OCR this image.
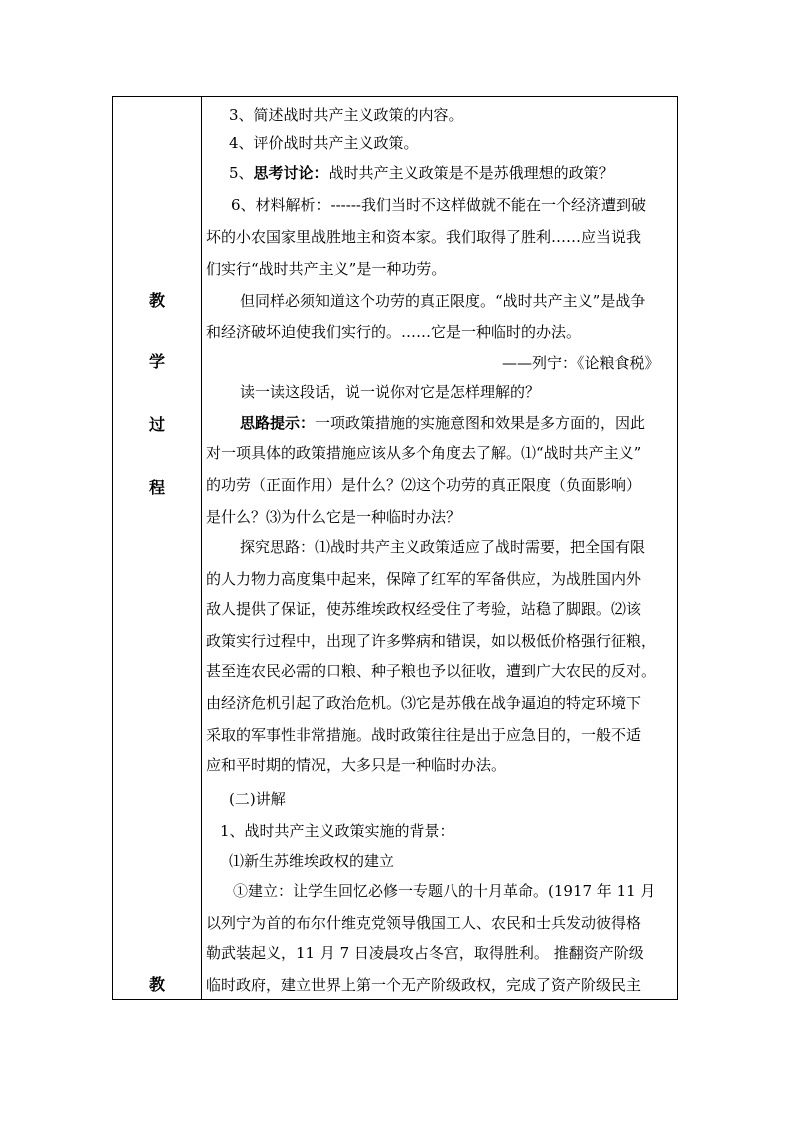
教
学
过
程
教
3、简述战时共产主义政策的内容。
4、评价战时共产主义政策。
5、思考讨论：战时共产主义政策是不是苏俄理想的政策？
6、材料解析：------我们当时不这样做就不能在一个经济遭到破
坏的小农国家里战胜地主和资本家。我们取得了胜利……应当说我
们实行“战时共产主义”是一种功劳。
但同样必须知道这个功劳的真正限度。“战时共产主义”是战争
和经济破坏迫使我们实行的。……它是一种临时的办法。
——列宁：《论粮食税》
读一读这段话，说一说你对它是怎样理解的？
思路提示：一项政策措施的实施意图和效果是多方面的，因此
对一项具体的政策措施应该从多个角度去了解。⑴“战时共产主义”
的功劳（正面作用）是什么？⑵这个功劳的真正限度（负面影响）
是什么？⑶为什么它是一种临时办法？
探究思路：⑴战时共产主义政策适应了战时需要，把全国有限
的人力物力高度集中起来，保障了红军的军备供应，为战胜国内外
敌人提供了保证，使苏维埃政权经受住了考验，站稳了脚跟。⑵该
政策实行过程中，出现了许多弊病和错误，如以极低价格强行征粮，
甚至连农民必需的口粮、种子粮也予以征收，遭到广大农民的反对。
由经济危机引起了政治危机。⑶它是苏俄在战争逼迫的特定环境下
采取的军事性非常措施。战时政策往往是出于应急目的，一般不适
应和平时期的情况，大多只是一种临时办法。
(二)讲解
1、战时共产主义政策实施的背景：
⑴新生苏维埃政权的建立
①建立：让学生回忆必修一专题八的十月革命。(1917 年 11 月
以列宁为首的布尔什维克党领导俄国工人、农民和士兵发动彼得格
勒武装起义，11 月 7 日凌晨攻占冬宫，取得胜利。 推翻资产阶级
临时政府，建立世界上第一个无产阶级政权，完成了资产阶级民主
